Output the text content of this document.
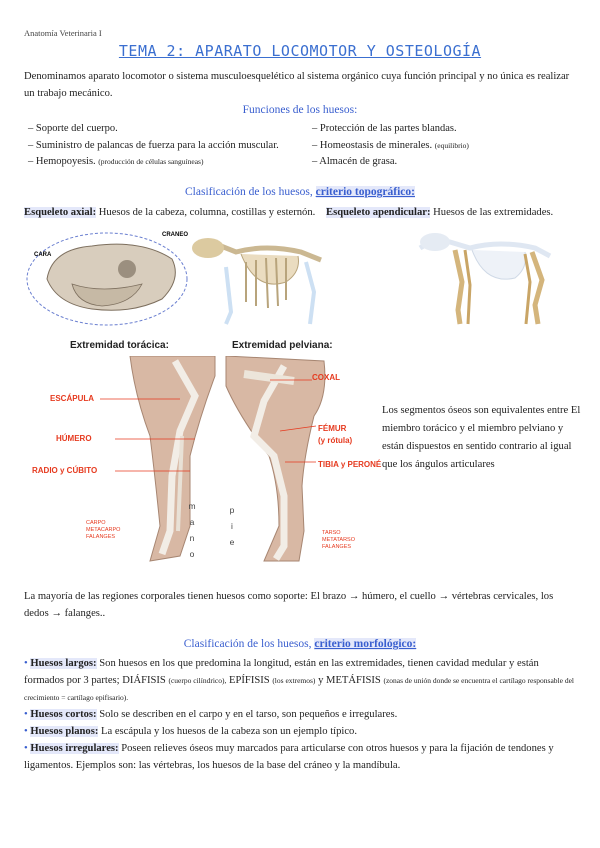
Anatomía Veterinaria I
TEMA 2: APARATO LOCOMOTOR Y OSTEOLOGÍA
Denominamos aparato locomotor o sistema musculoesquelético al sistema orgánico cuya función principal y no única es realizar un trabajo mecánico.
Funciones de los huesos:
– Soporte del cuerpo.
– Suministro de palancas de fuerza para la acción muscular.
– Hemopoyesis. (producción de células sanguíneas)
– Protección de las partes blandas.
– Homeostasis de minerales. (equilibrio)
– Almacén de grasa.
Clasificación de los huesos, criterio topográfico:
Esqueleto axial: Huesos de la cabeza, columna, costillas y esternón.	Esqueleto apendicular: Huesos de las extremidades.
CARA
CRANEO
Extremidad torácica:	Extremidad pelviana:
ESCÁPULA
HÚMERO
RADIO y CÚBITO
CARPO
METACARPO
FALANGES
m
a
n
o
p
i
e
COXAL
FÉMUR
(y rótula)
TIBIA y PERONÉ
TARSO
METATARSO
FALANGES
Los segmentos óseos son equivalentes entre El miembro torácico y el miembro pelviano y están dispuestos en sentido contrario al igual que los ángulos articulares
La mayoría de las regiones corporales tienen huesos como soporte: El brazo → húmero, el cuello → vértebras cervicales, los dedos → falanges..
Clasificación de los huesos, criterio morfológico:
• Huesos largos: Son huesos en los que predomina la longitud, están en las extremidades, tienen cavidad medular y están formados por 3 partes; DIÁFISIS (cuerpo cilíndrico), EPÍFISIS (los extremos) y METÁFISIS (zonas de unión donde se encuentra el cartílago responsable del crecimiento = cartílago epifisario).
• Huesos cortos: Solo se describen en el carpo y en el tarso, son pequeños e irregulares.
• Huesos planos: La escápula y los huesos de la cabeza son un ejemplo típico.
• Huesos irregulares: Poseen relieves óseos muy marcados para articularse con otros huesos y para la fijación de tendones y ligamentos. Ejemplos son: las vértebras, los huesos de la base del cráneo y la mandíbula.
